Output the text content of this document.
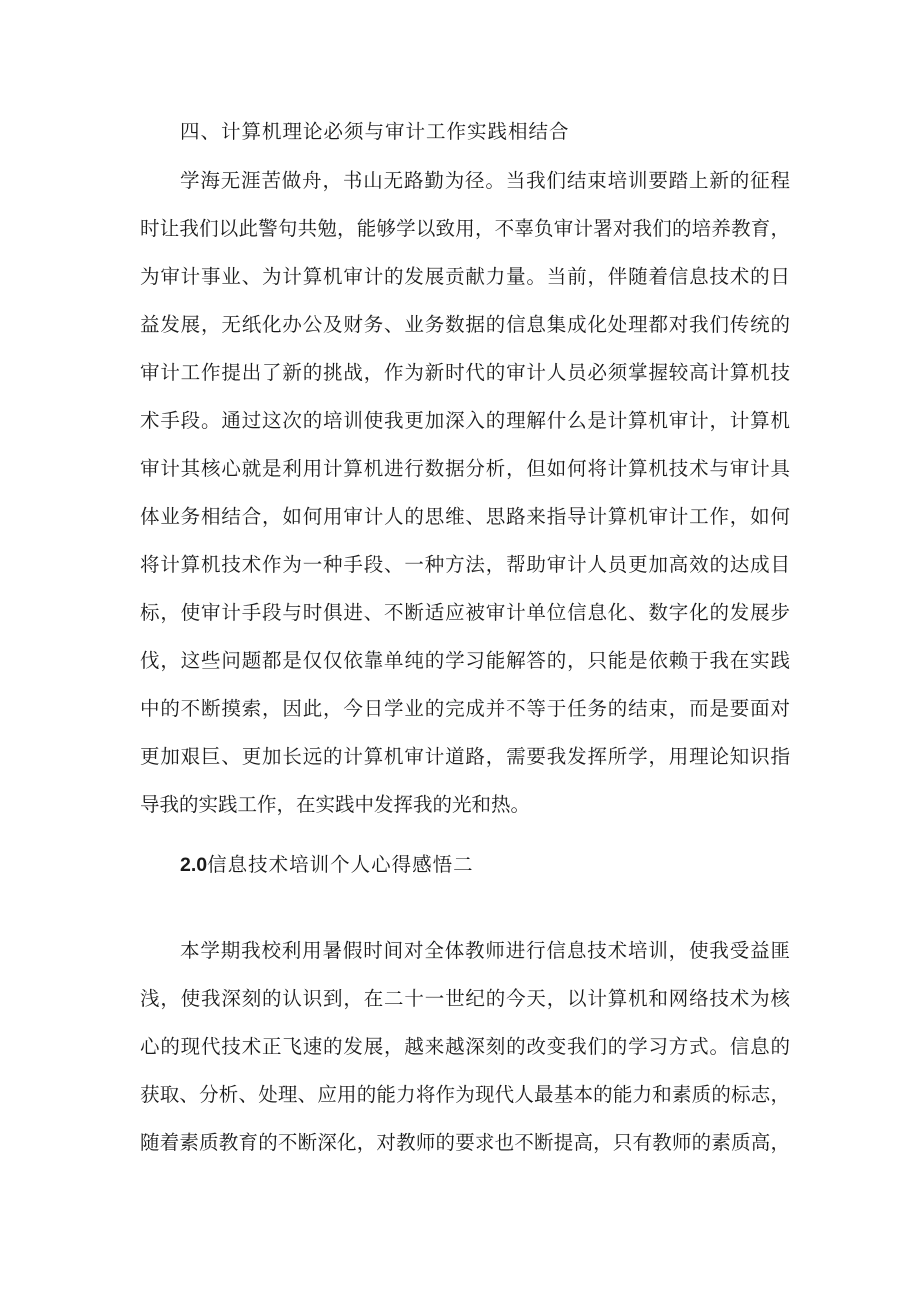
四、计算机理论必须与审计工作实践相结合
学海无涯苦做舟，书山无路勤为径。当我们结束培训要踏上新的征程
时让我们以此警句共勉，能够学以致用，不辜负审计署对我们的培养教育，
为审计事业、为计算机审计的发展贡献力量。当前，伴随着信息技术的日
益发展，无纸化办公及财务、业务数据的信息集成化处理都对我们传统的
审计工作提出了新的挑战，作为新时代的审计人员必须掌握较高计算机技
术手段。通过这次的培训使我更加深入的理解什么是计算机审计，计算机
审计其核心就是利用计算机进行数据分析，但如何将计算机技术与审计具
体业务相结合，如何用审计人的思维、思路来指导计算机审计工作，如何
将计算机技术作为一种手段、一种方法，帮助审计人员更加高效的达成目
标，使审计手段与时俱进、不断适应被审计单位信息化、数字化的发展步
伐，这些问题都是仅仅依靠单纯的学习能解答的，只能是依赖于我在实践
中的不断摸索，因此，今日学业的完成并不等于任务的结束，而是要面对
更加艰巨、更加长远的计算机审计道路，需要我发挥所学，用理论知识指
导我的实践工作，在实践中发挥我的光和热。
2.0信息技术培训个人心得感悟二
本学期我校利用暑假时间对全体教师进行信息技术培训，使我受益匪
浅，使我深刻的认识到，在二十一世纪的今天，以计算机和网络技术为核
心的现代技术正飞速的发展，越来越深刻的改变我们的学习方式。信息的
获取、分析、处理、应用的能力将作为现代人最基本的能力和素质的标志，
随着素质教育的不断深化，对教师的要求也不断提高，只有教师的素质高，
